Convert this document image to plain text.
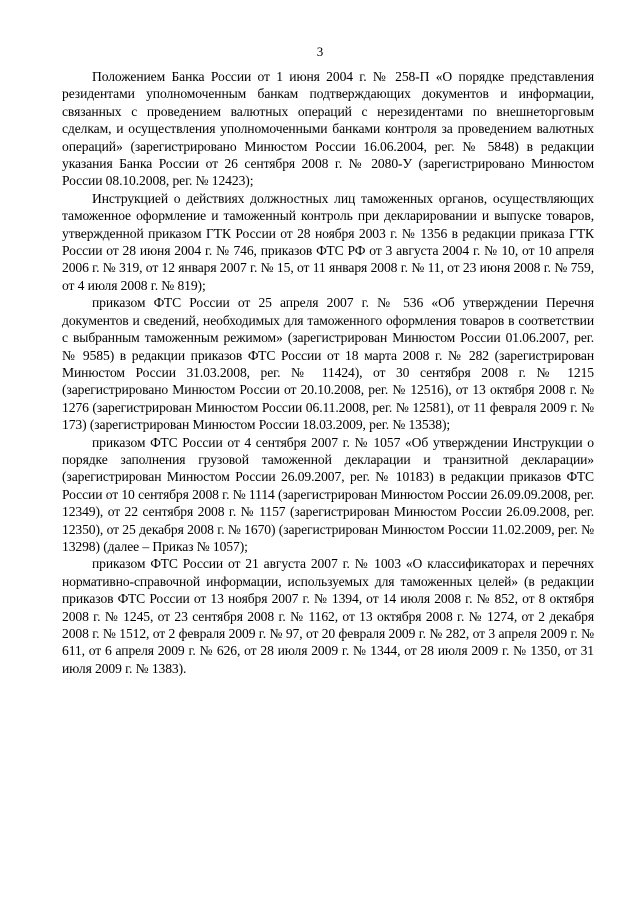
3

Положением Банка России от 1 июня 2004 г. № 258-П «О порядке представления резидентами уполномоченным банкам подтверждающих документов и информации, связанных с проведением валютных операций с нерезидентами по внешнеторговым сделкам, и осуществления уполномоченными банками контроля за проведением валютных операций» (зарегистрировано Минюстом России 16.06.2004, рег. № 5848) в редакции указания Банка России от 26 сентября 2008 г. № 2080-У (зарегистрировано Минюстом России 08.10.2008, рег. № 12423);

Инструкцией о действиях должностных лиц таможенных органов, осуществляющих таможенное оформление и таможенный контроль при декларировании и выпуске товаров, утвержденной приказом ГТК России от 28 ноября 2003 г. № 1356 в редакции приказа ГТК России от 28 июня 2004 г. № 746, приказов ФТС РФ от 3 августа 2004 г. № 10, от 10 апреля 2006 г. № 319, от 12 января 2007 г. № 15, от 11 января 2008 г. № 11, от 23 июня 2008 г. № 759, от 4 июля 2008 г. № 819);

приказом ФТС России от 25 апреля 2007 г. № 536 «Об утверждении Перечня документов и сведений, необходимых для таможенного оформления товаров в соответствии с выбранным таможенным режимом» (зарегистрирован Минюстом России 01.06.2007, рег. № 9585) в редакции приказов ФТС России от 18 марта 2008 г. № 282 (зарегистрирован Минюстом России 31.03.2008, рег. № 11424), от 30 сентября 2008 г. № 1215 (зарегистрировано Минюстом России от 20.10.2008, рег. № 12516), от 13 октября 2008 г. № 1276 (зарегистрирован Минюстом России 06.11.2008, рег. № 12581), от 11 февраля 2009 г. № 173) (зарегистрирован Минюстом России 18.03.2009, рег. № 13538);

приказом ФТС России от 4 сентября 2007 г. № 1057 «Об утверждении Инструкции о порядке заполнения грузовой таможенной декларации и транзитной декларации» (зарегистрирован Минюстом России 26.09.2007, рег. № 10183) в редакции приказов ФТС России от 10 сентября 2008 г. № 1114 (зарегистрирован Минюстом России 26.09.09.2008, рег. 12349), от 22 сентября 2008 г. № 1157 (зарегистрирован Минюстом России 26.09.2008, рег. 12350), от 25 декабря 2008 г. № 1670) (зарегистрирован Минюстом России 11.02.2009, рег. № 13298) (далее – Приказ № 1057);

приказом ФТС России от 21 августа 2007 г. № 1003 «О классификаторах и перечнях нормативно-справочной информации, используемых для таможенных целей» (в редакции приказов ФТС России от 13 ноября 2007 г. № 1394, от 14 июля 2008 г. № 852, от 8 октября 2008 г. № 1245, от 23 сентября 2008 г. № 1162, от 13 октября 2008 г. № 1274, от 2 декабря 2008 г. № 1512, от 2 февраля 2009 г. № 97, от 20 февраля 2009 г. № 282, от 3 апреля 2009 г. № 611, от 6 апреля 2009 г. № 626, от 28 июля 2009 г. № 1344, от 28 июля 2009 г. № 1350, от 31 июля 2009 г. № 1383).
